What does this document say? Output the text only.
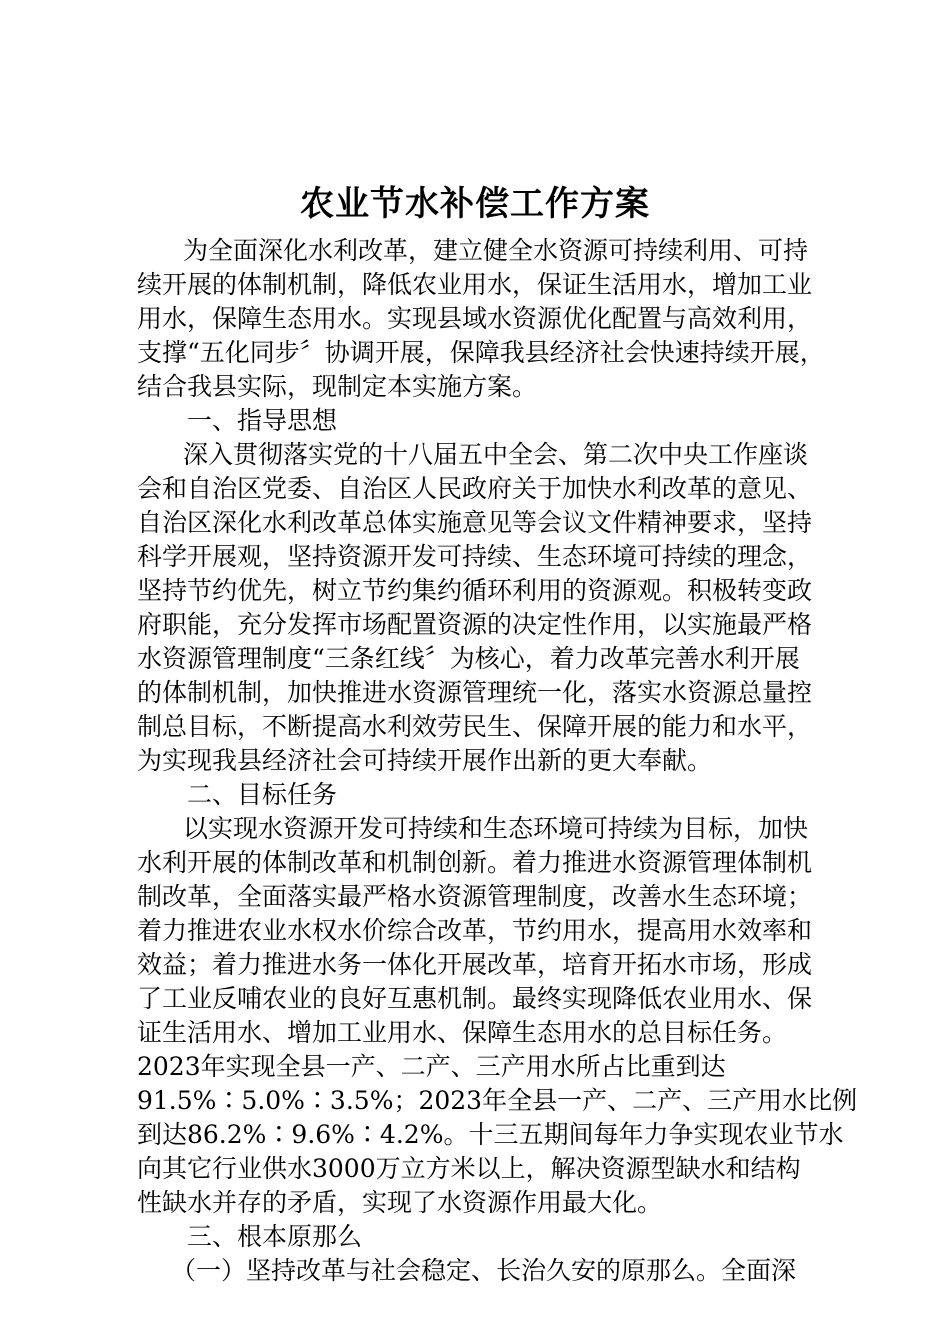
农业节水补偿工作方案
为全面深化水利改革，建立健全水资源可持续利用、可持
续开展的体制机制，降低农业用水，保证生活用水，增加工业
用水，保障生态用水。实现县域水资源优化配置与高效利用，
支撑“五化同步〞协调开展，保障我县经济社会快速持续开展，
结合我县实际，现制定本实施方案。
一、指导思想
深入贯彻落实党的十八届五中全会、第二次中央工作座谈
会和自治区党委、自治区人民政府关于加快水利改革的意见、
自治区深化水利改革总体实施意见等会议文件精神要求，坚持
科学开展观，坚持资源开发可持续、生态环境可持续的理念，
坚持节约优先，树立节约集约循环利用的资源观。积极转变政
府职能，充分发挥市场配置资源的决定性作用，以实施最严格
水资源管理制度“三条红线〞为核心，着力改革完善水利开展
的体制机制，加快推进水资源管理统一化，落实水资源总量控
制总目标，不断提高水利效劳民生、保障开展的能力和水平，
为实现我县经济社会可持续开展作出新的更大奉献。
二、目标任务
以实现水资源开发可持续和生态环境可持续为目标，加快
水利开展的体制改革和机制创新。着力推进水资源管理体制机
制改革，全面落实最严格水资源管理制度，改善水生态环境；
着力推进农业水权水价综合改革，节约用水，提高用水效率和
效益；着力推进水务一体化开展改革，培育开拓水市场，形成
了工业反哺农业的良好互惠机制。最终实现降低农业用水、保
证生活用水、增加工业用水、保障生态用水的总目标任务。
2023年实现全县一产、二产、三产用水所占比重到达
91.5%∶5.0%∶3.5%；2023年全县一产、二产、三产用水比例
到达86.2%∶9.6%∶4.2%。十三五期间每年力争实现农业节水
向其它行业供水3000万立方米以上，解决资源型缺水和结构
性缺水并存的矛盾，实现了水资源作用最大化。
三、根本原那么
（一）坚持改革与社会稳定、长治久安的原那么。全面深
